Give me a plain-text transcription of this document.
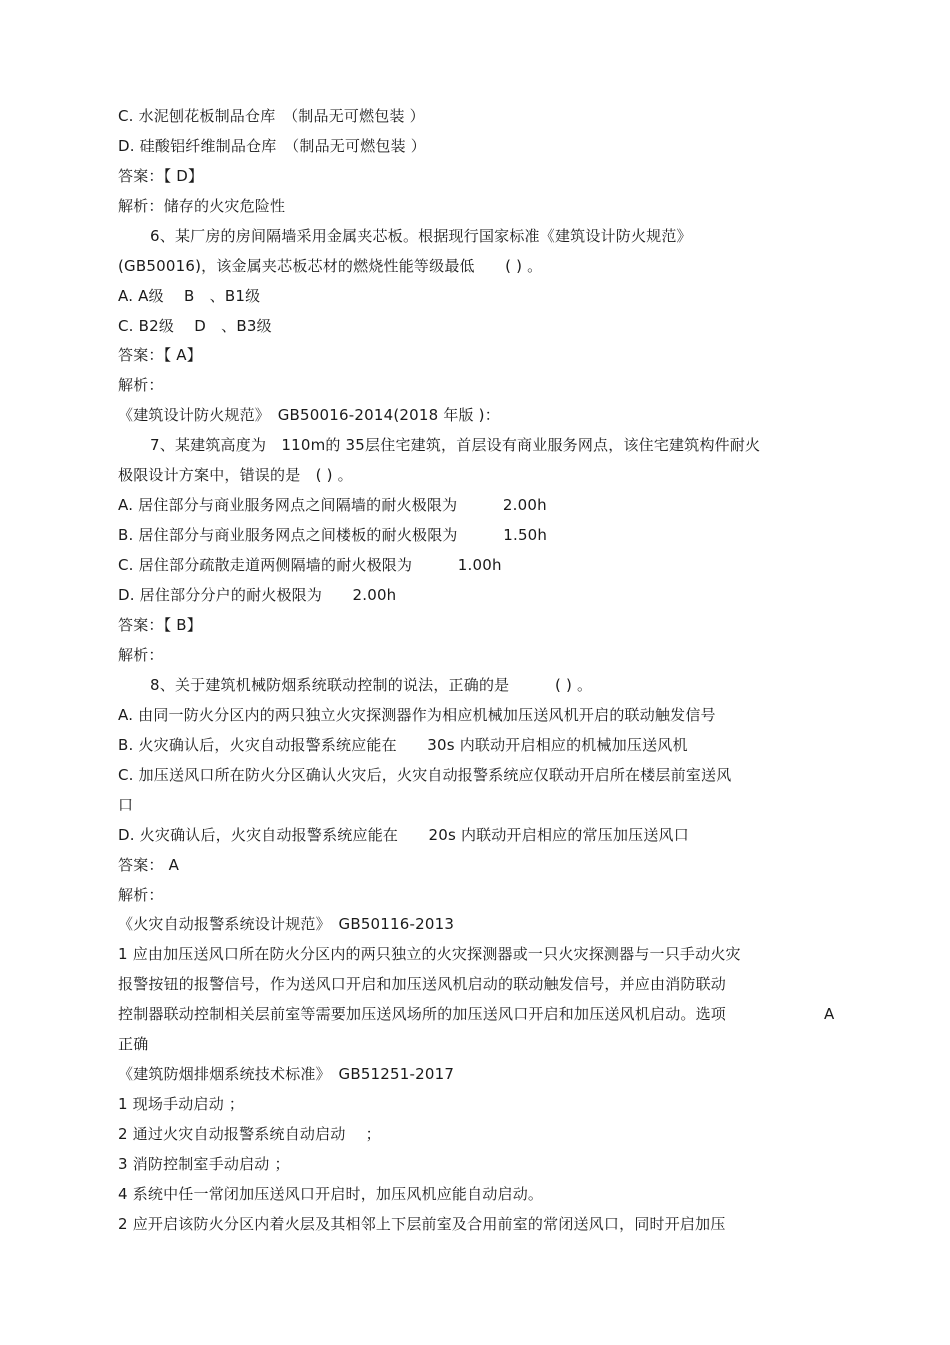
C. 水泥刨花板制品仓库　（制品无可燃包装 ）
D. 硅酸铝纤维制品仓库　（制品无可燃包装 ）
答案：【 D】
解析：储存的火灾危险性
6、某厂房的房间隔墙采用金属夹芯板。根据现行国家标准《建筑设计防火规范》
(GB50016)，该金属夹芯板芯材的燃烧性能等级最低　　( ) 。
A. A级　 B　、B1级
C. B2级　 D　、B3级
答案：【 A】
解析：
《建筑设计防火规范》　GB50016-2014(2018 年版 )：
7、某建筑高度为　110m的 35层住宅建筑，首层设有商业服务网点，该住宅建筑构件耐火
极限设计方案中，错误的是　( ) 。
A. 居住部分与商业服务网点之间隔墙的耐火极限为　　　2.00h
B. 居住部分与商业服务网点之间楼板的耐火极限为　　　1.50h
C. 居住部分疏散走道两侧隔墙的耐火极限为　　　1.00h
D. 居住部分分户的耐火极限为　　2.00h
答案：【 B】
解析：
8、关于建筑机械防烟系统联动控制的说法，正确的是　　　( ) 。
A. 由同一防火分区内的两只独立火灾探测器作为相应机械加压送风机开启的联动触发信号
B. 火灾确认后，火灾自动报警系统应能在　　30s 内联动开启相应的机械加压送风机
C. 加压送风口所在防火分区确认火灾后，火灾自动报警系统应仅联动开启所在楼层前室送风
口
D. 火灾确认后，火灾自动报警系统应能在　　20s 内联动开启相应的常压加压送风口
答案： A
解析：
《火灾自动报警系统设计规范》　GB50116-2013
1 应由加压送风口所在防火分区内的两只独立的火灾探测器或一只火灾探测器与一只手动火灾
报警按钮的报警信号，作为送风口开启和加压送风机启动的联动触发信号，并应由消防联动
控制器联动控制相关层前室等需要加压送风场所的加压送风口开启和加压送风机启动。选项	A
正确
《建筑防烟排烟系统技术标准》　GB51251-2017
1 现场手动启动 ；
2 通过火灾自动报警系统自动启动　 ；
3 消防控制室手动启动 ；
4 系统中任一常闭加压送风口开启时，加压风机应能自动启动。
2 应开启该防火分区内着火层及其相邻上下层前室及合用前室的常闭送风口，同时开启加压
